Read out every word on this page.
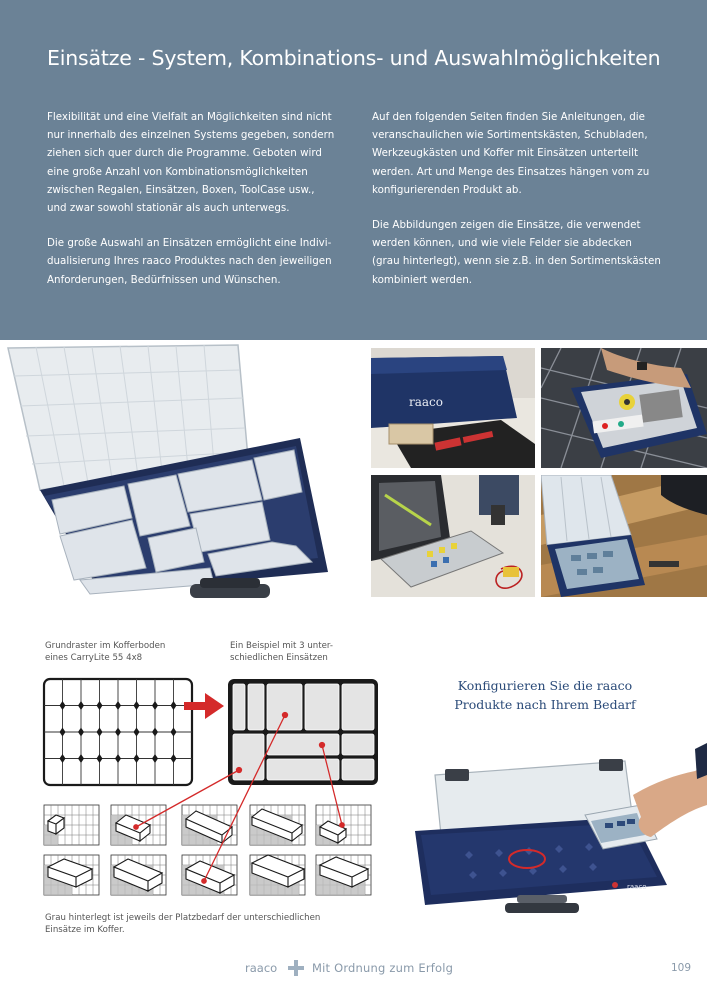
Einsätze - System, Kombinations- und Auswahlmöglichkeiten

Flexibilität und eine Vielfalt an Möglichkeiten sind nicht
nur innerhalb des einzelnen Systems gegeben, sondern
ziehen sich quer durch die Programme. Geboten wird
eine große Anzahl von Kombinationsmöglichkeiten
zwischen Regalen, Einsätzen, Boxen, ToolCase usw.,
und zwar sowohl stationär als auch unterwegs.

Die große Auswahl an Einsätzen ermöglicht eine Indivi-
dualisierung Ihres raaco Produktes nach den jeweiligen
Anforderungen, Bedürfnissen und Wünschen.

Auf den folgenden Seiten finden Sie Anleitungen, die
veranschaulichen wie Sortimentskästen, Schubladen,
Werkzeugkästen und Koffer mit Einsätzen unterteilt
werden. Art und Menge des Einsatzes hängen vom zu
konfigurierenden Produkt ab.

Die Abbildungen zeigen die Einsätze, die verwendet
werden können, und wie viele Felder sie abdecken
(grau hinterlegt), wenn sie z.B. in den Sortimentskästen
kombiniert werden.

raaco
Grundraster im Kofferboden
eines CarryLite 55 4x8
Ein Beispiel mit 3 unter-
schiedlichen Einsätzen
Grau hinterlegt ist jeweils der Platzbedarf der unterschiedlichen
Einsätze im Koffer.
Konfigurieren Sie die raaco
Produkte nach Ihrem Bedarf
raaco
raaco	Mit Ordnung zum Erfolg	109
